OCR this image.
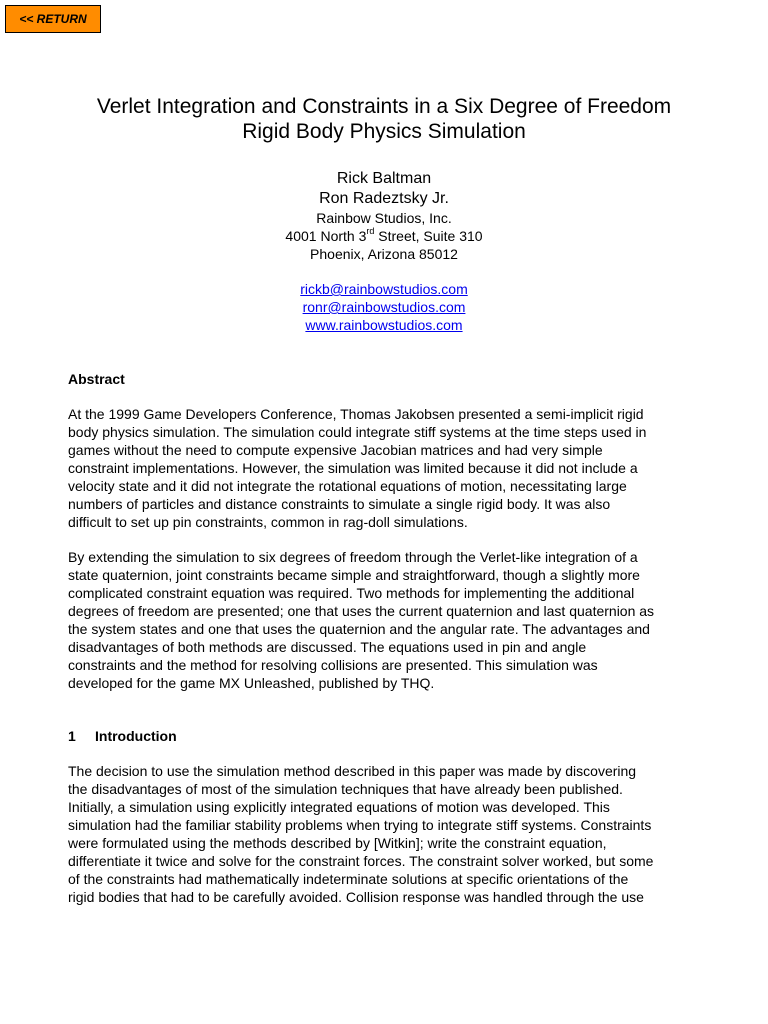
<< RETURN
Verlet Integration and Constraints in a Six Degree of Freedom
Rigid Body Physics Simulation
Rick Baltman
Ron Radeztsky Jr.
Rainbow Studios, Inc.
4001 North 3rd Street, Suite 310
Phoenix, Arizona 85012
rickb@rainbowstudios.com
ronr@rainbowstudios.com
www.rainbowstudios.com
Abstract

At the 1999 Game Developers Conference, Thomas Jakobsen presented a semi-implicit rigid
body physics simulation. The simulation could integrate stiff systems at the time steps used in
games without the need to compute expensive Jacobian matrices and had very simple
constraint implementations. However, the simulation was limited because it did not include a
velocity state and it did not integrate the rotational equations of motion, necessitating large
numbers of particles and distance constraints to simulate a single rigid body. It was also
difficult to set up pin constraints, common in rag-doll simulations.

By extending the simulation to six degrees of freedom through the Verlet-like integration of a
state quaternion, joint constraints became simple and straightforward, though a slightly more
complicated constraint equation was required. Two methods for implementing the additional
degrees of freedom are presented; one that uses the current quaternion and last quaternion as
the system states and one that uses the quaternion and the angular rate. The advantages and
disadvantages of both methods are discussed. The equations used in pin and angle
constraints and the method for resolving collisions are presented. This simulation was
developed for the game MX Unleashed, published by THQ.

1 Introduction

The decision to use the simulation method described in this paper was made by discovering
the disadvantages of most of the simulation techniques that have already been published.
Initially, a simulation using explicitly integrated equations of motion was developed. This
simulation had the familiar stability problems when trying to integrate stiff systems. Constraints
were formulated using the methods described by [Witkin]; write the constraint equation,
differentiate it twice and solve for the constraint forces. The constraint solver worked, but some
of the constraints had mathematically indeterminate solutions at specific orientations of the
rigid bodies that had to be carefully avoided. Collision response was handled through the use
